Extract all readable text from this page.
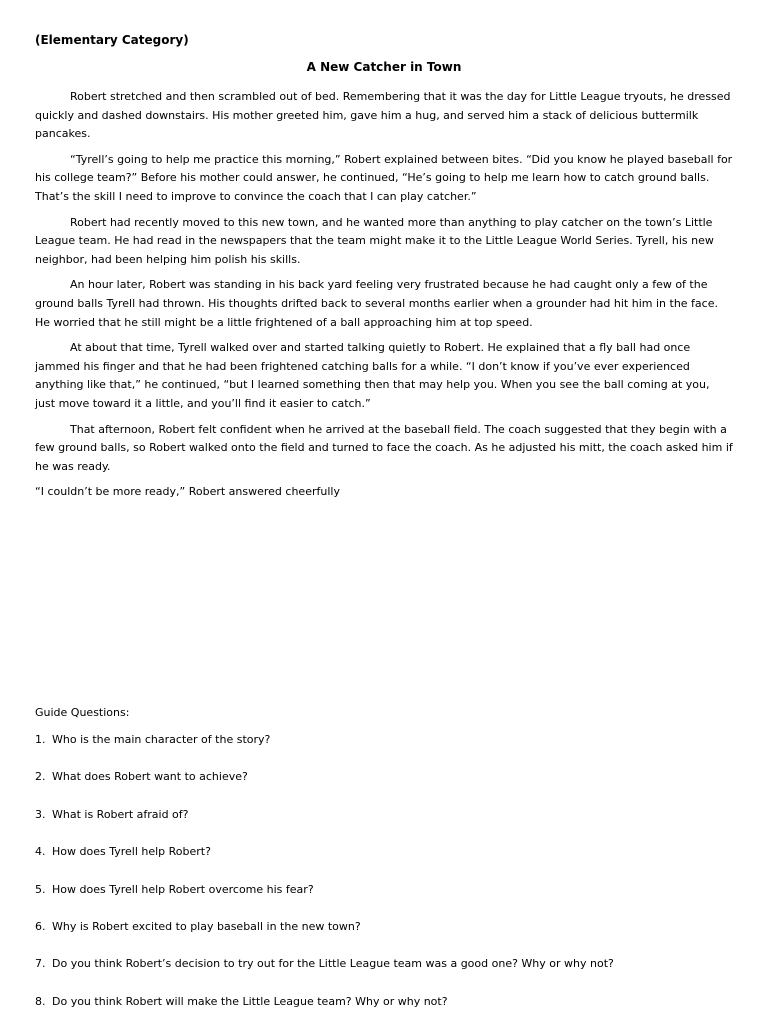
(Elementary Category)
A New Catcher in Town

Robert stretched and then scrambled out of bed. Remembering that it was the day for Little League tryouts, he dressed quickly and dashed downstairs. His mother greeted him, gave him a hug, and served him a stack of delicious buttermilk pancakes.

“Tyrell’s going to help me practice this morning,” Robert explained between bites. “Did you know he played baseball for his college team?” Before his mother could answer, he continued, “He’s going to help me learn how to catch ground balls. That’s the skill I need to improve to convince the coach that I can play catcher.”

Robert had recently moved to this new town, and he wanted more than anything to play catcher on the town’s Little League team. He had read in the newspapers that the team might make it to the Little League World Series. Tyrell, his new neighbor, had been helping him polish his skills.

An hour later, Robert was standing in his back yard feeling very frustrated because he had caught only a few of the ground balls Tyrell had thrown. His thoughts drifted back to several months earlier when a grounder had hit him in the face. He worried that he still might be a little frightened of a ball approaching him at top speed.

At about that time, Tyrell walked over and started talking quietly to Robert. He explained that a fly ball had once jammed his finger and that he had been frightened catching balls for a while. “I don’t know if you’ve ever experienced anything like that,” he continued, “but I learned something then that may help you. When you see the ball coming at you, just move toward it a little, and you’ll find it easier to catch.”

That afternoon, Robert felt confident when he arrived at the baseball field. The coach suggested that they begin with a few ground balls, so Robert walked onto the field and turned to face the coach. As he adjusted his mitt, the coach asked him if he was ready.

“I couldn’t be more ready,” Robert answered cheerfully

Guide Questions:
1. Who is the main character of the story?
2. What does Robert want to achieve?
3. What is Robert afraid of?
4. How does Tyrell help Robert?
5. How does Tyrell help Robert overcome his fear?
6. Why is Robert excited to play baseball in the new town?
7. Do you think Robert’s decision to try out for the Little League team was a good one? Why or why not?
8. Do you think Robert will make the Little League team? Why or why not?
